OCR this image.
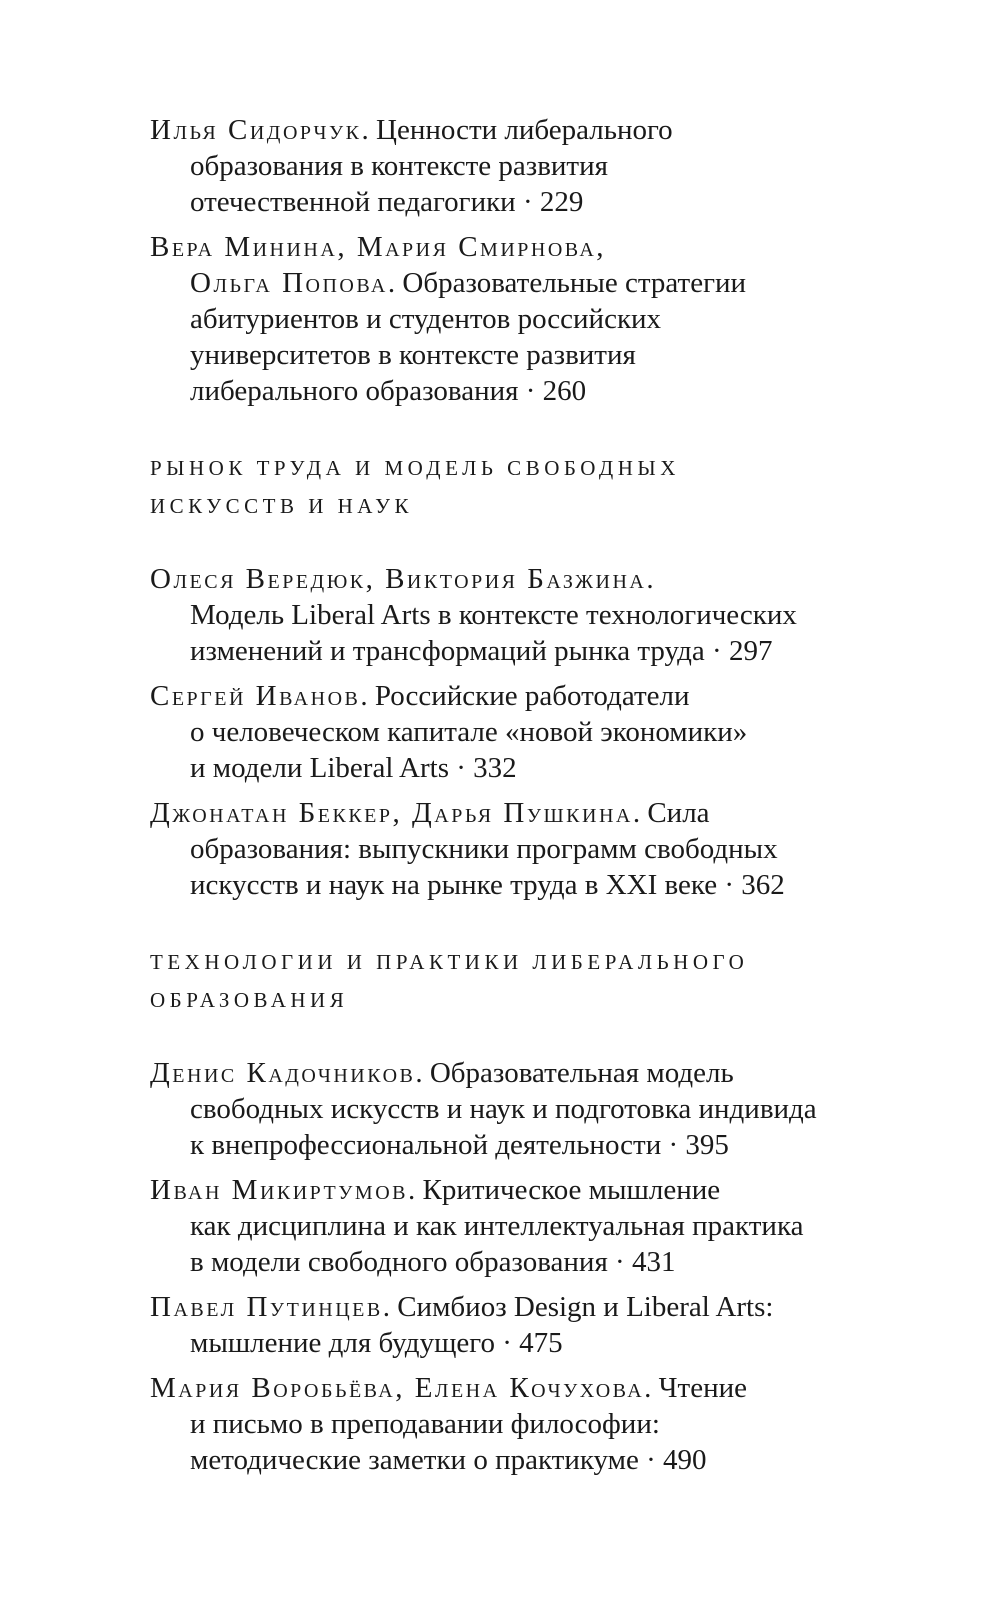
Илья Сидорчук. Ценности либерального
образования в контексте развития
отечественной педагогики · 229
Вера Минина, Мария Смирнова,
Ольга Попова. Образовательные стратегии
абитуриентов и студентов российских
университетов в контексте развития
либерального образования · 260
РЫНОК ТРУДА И МОДЕЛЬ СВОБОДНЫХ
ИСКУССТВ И НАУК
Олеся Вередюк, Виктория Базжина.
Модель Liberal Arts в контексте технологических
изменений и трансформаций рынка труда · 297
Сергей Иванов. Российские работодатели
о человеческом капитале «новой экономики»
и модели Liberal Arts · 332
Джонатан Беккер, Дарья Пушкина. Сила
образования: выпускники программ свободных
искусств и наук на рынке труда в XXI веке · 362
ТЕХНОЛОГИИ И ПРАКТИКИ ЛИБЕРАЛЬНОГО
ОБРАЗОВАНИЯ
Денис Кадочников. Образовательная модель
свободных искусств и наук и подготовка индивида
к внепрофессиональной деятельности · 395
Иван Микиртумов. Критическое мышление
как дисциплина и как интеллектуальная практика
в модели свободного образования · 431
Павел Путинцев. Симбиоз Design и Liberal Arts:
мышление для будущего · 475
Мария Воробьёва, Елена Кочухова. Чтение
и письмо в преподавании философии:
методические заметки о практикуме · 490
